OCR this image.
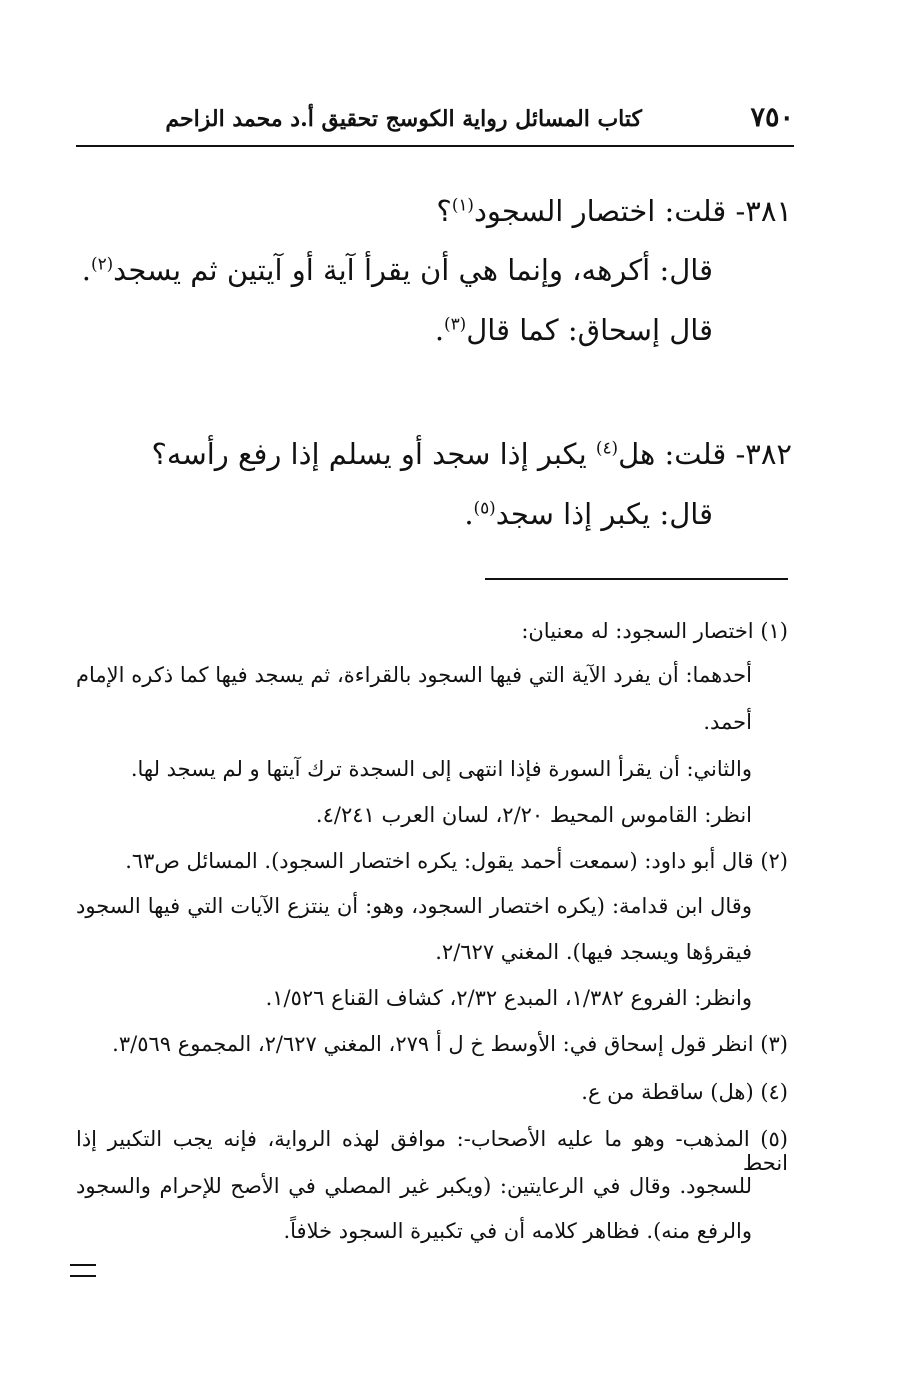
٧٥٠
كتاب المسائل رواية الكوسج تحقيق أ.د محمد الزاحم
٣٨١- قلت: اختصار السجود$^{(١)}$؟
قال: أكرهه، وإنما هي أن يقرأ آية أو آيتين ثم يسجد$^{(٢)}$.
قال إسحاق: كما قال$^{(٣)}$.
٣٨٢- قلت: هل$^{(٤)}$ يكبر إذا سجد أو يسلم إذا رفع رأسه؟
قال: يكبر إذا سجد$^{(٥)}$.
(١) اختصار السجود: له معنيان:
أحدهما: أن يفرد الآية التي فيها السجود بالقراءة، ثم يسجد فيها كما ذكره الإمام
أحمد.
والثاني: أن يقرأ السورة فإذا انتهى إلى السجدة ترك آيتها و لم يسجد لها.
انظر: القاموس المحيط ٢/٢٠، لسان العرب ٤/٢٤١.
(٢) قال أبو داود: (سمعت أحمد يقول: يكره اختصار السجود). المسائل ص٦٣.
وقال ابن قدامة: (يكره اختصار السجود، وهو: أن ينتزع الآيات التي فيها السجود
فيقرؤها ويسجد فيها). المغني ٢/٦٢٧.
وانظر: الفروع ١/٣٨٢، المبدع ٢/٣٢، كشاف القناع ١/٥٢٦.
(٣) انظر قول إسحاق في: الأوسط خ ل أ ٢٧٩، المغني ٢/٦٢٧، المجموع ٣/٥٦٩.
(٤) (هل) ساقطة من ع.
(٥) المذهب- وهو ما عليه الأصحاب-: موافق لهذه الرواية، فإنه يجب التكبير إذا انحط
للسجود. وقال في الرعايتين: (ويكبر غير المصلي في الأصح للإحرام والسجود
والرفع منه). فظاهر كلامه أن في تكبيرة السجود خلافاً.
